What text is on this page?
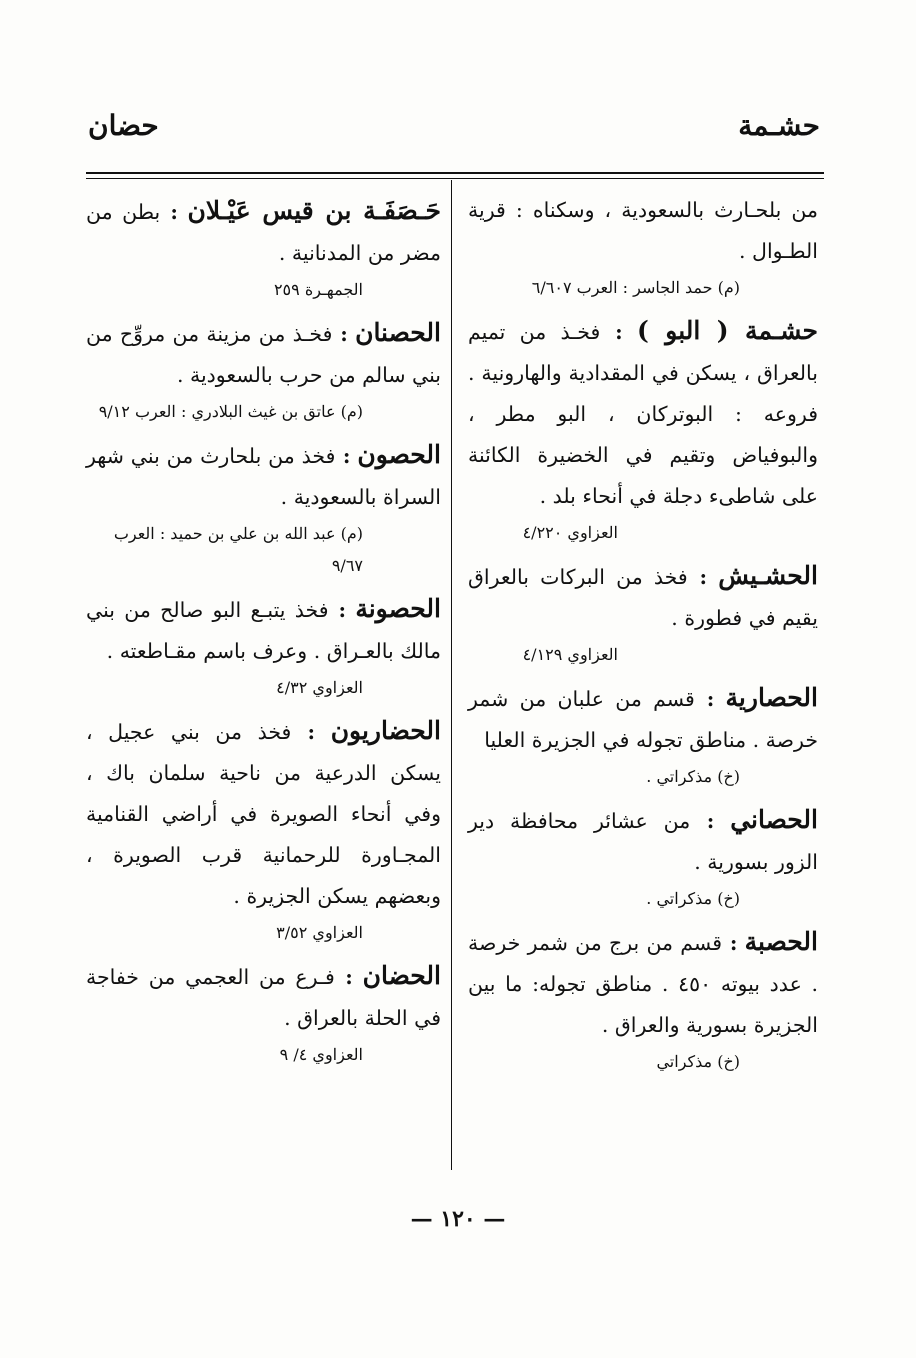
حشـمة
حضان
من بلحـارث بالسعودية ، وسكناه : قرية الطـوال .
(م) حمد الجاسر : العرب ٦/٦٠٧
حشـمة ( البو ) : فخـذ من تميم بالعراق ، يسكن في المقدادية والهارونية . فروعه : البوتركان ، البو مطر ، والبوفياض وتقيم في الخضيرة الكائنة على شاطىء دجلة في أنحاء بلد .
العزاوي ٤/٢٢٠
الحشـيش : فخذ من البركات بالعراق يقيم في فطورة .
العزاوي ٤/١٢٩
الحصارية : قسم من علبان من شمر خرصة . مناطق تجوله في الجزيرة العليا
(خ) مذكراتي .
الحصاني : من عشائر محافظة دير الزور بسورية .
(خ) مذكراتي .
الحصبة : قسم من برج من شمر خرصة . عدد بيوته ٤٥٠ . مناطق تجوله: ما بين الجزيرة بسورية والعراق .
(خ) مذكراتي
حَـصَفَـة بن قيس عَيْـلان : بطن من مضر من المدنانية .
الجمهـرة ٢٥٩
الحصنان : فخـذ من مزينة من مروِّح من بني سالم من حرب بالسعودية .
(م) عاتق بن غيث البلادري : العرب ٩/١٢
الحصون : فخذ من بلحارث من بني شهر السراة بالسعودية .
(م) عبد الله بن علي بن حميد : العرب ٩/٦٧
الحصونة : فخذ يتبـع البو صالح من بني مالك بالعـراق . وعرف باسم مقـاطعته .
العزاوي ٤/٣٢
الحضاريون : فخذ من بني عجيل ، يسكن الدرعية من ناحية سلمان باك ، وفي أنحاء الصويرة في أراضي القنامية المجـاورة للرحمانية قرب الصويرة ، وبعضهم يسكن الجزيرة .
العزاوي ٣/٥٢
الحضان : فـرع من العجمي من خفاجة في الحلة بالعراق .
العزاوي ٤/ ٩
— ١٢٠ —
